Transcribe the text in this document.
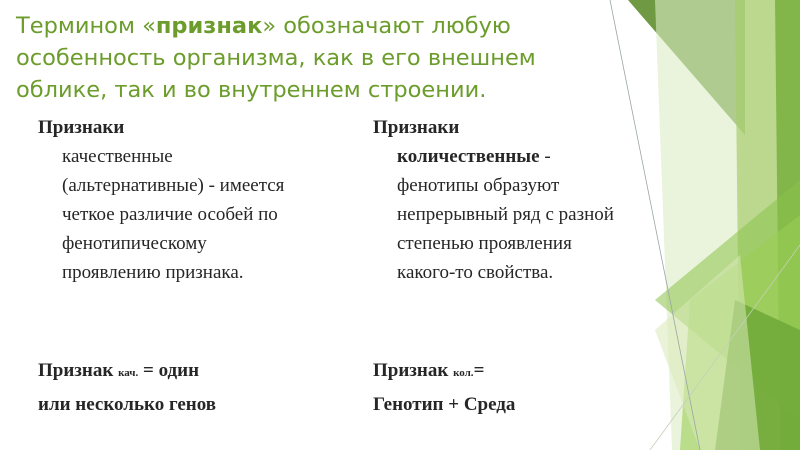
Термином «признак» обозначают любую особенность организма, как в его внешнем облике, так и во внутреннем строении.

Признаки

качественные (альтернативные) - имеется четкое различие особей по фенотипическому проявлению признака.

Признаки

количественные - фенотипы образуют непрерывный ряд с разной степенью проявления какого-то свойства.

Признак кач. = один

или несколько генов

Признак кол.=

Генотип + Среда
